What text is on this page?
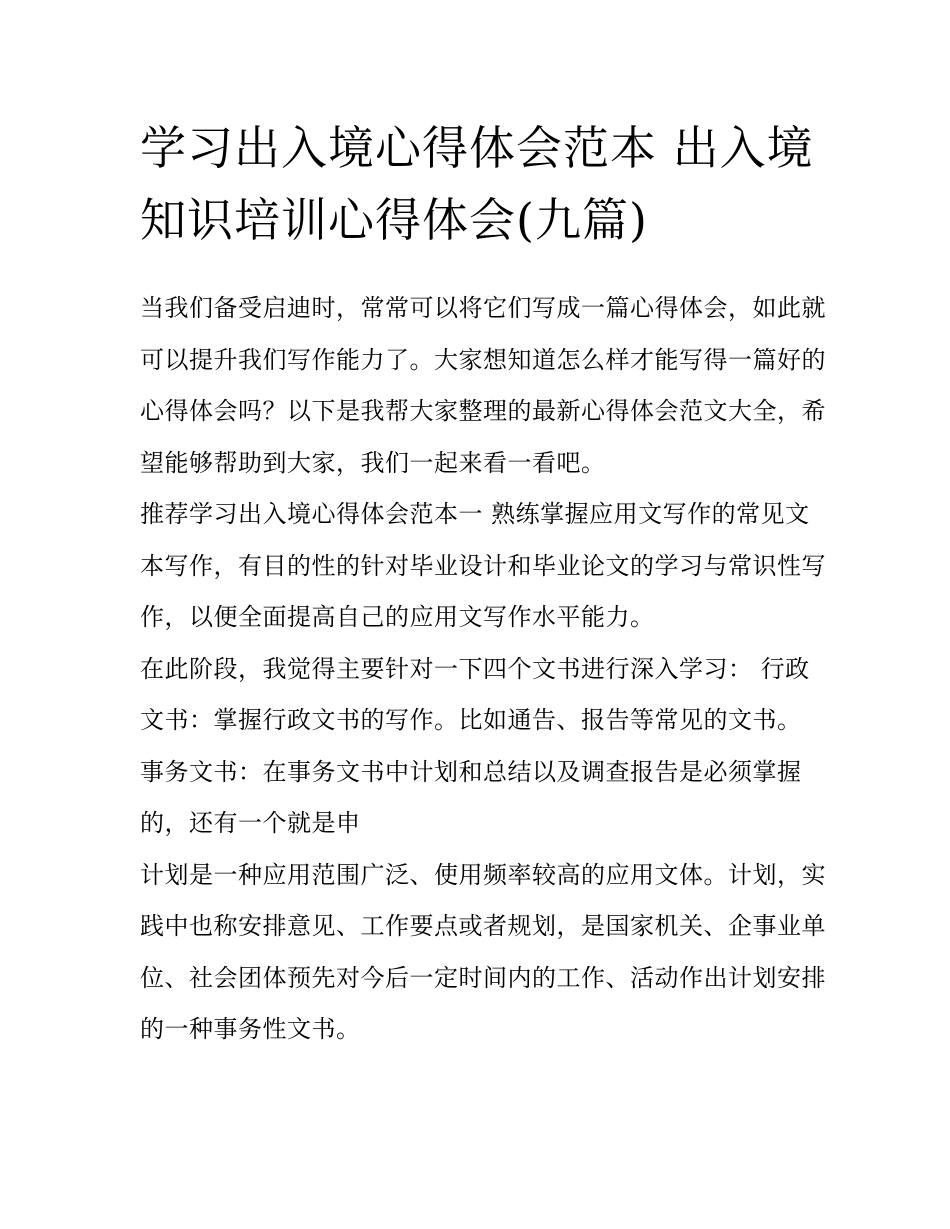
学习出入境心得体会范本 出入境知识培训心得体会(九篇)

当我们备受启迪时，常常可以将它们写成一篇心得体会，如此就可以提升我们写作能力了。大家想知道怎么样才能写得一篇好的心得体会吗？以下是我帮大家整理的最新心得体会范文大全，希望能够帮助到大家，我们一起来看一看吧。

推荐学习出入境心得体会范本一 熟练掌握应用文写作的常见文本写作，有目的性的针对毕业设计和毕业论文的学习与常识性写作，以便全面提高自己的应用文写作水平能力。

在此阶段，我觉得主要针对一下四个文书进行深入学习： 行政文书：掌握行政文书的写作。比如通告、报告等常见的文书。

事务文书：在事务文书中计划和总结以及调查报告是必须掌握的，还有一个就是申

计划是一种应用范围广泛、使用频率较高的应用文体。计划，实践中也称安排意见、工作要点或者规划，是国家机关、企事业单位、社会团体预先对今后一定时间内的工作、活动作出计划安排的一种事务性文书。
